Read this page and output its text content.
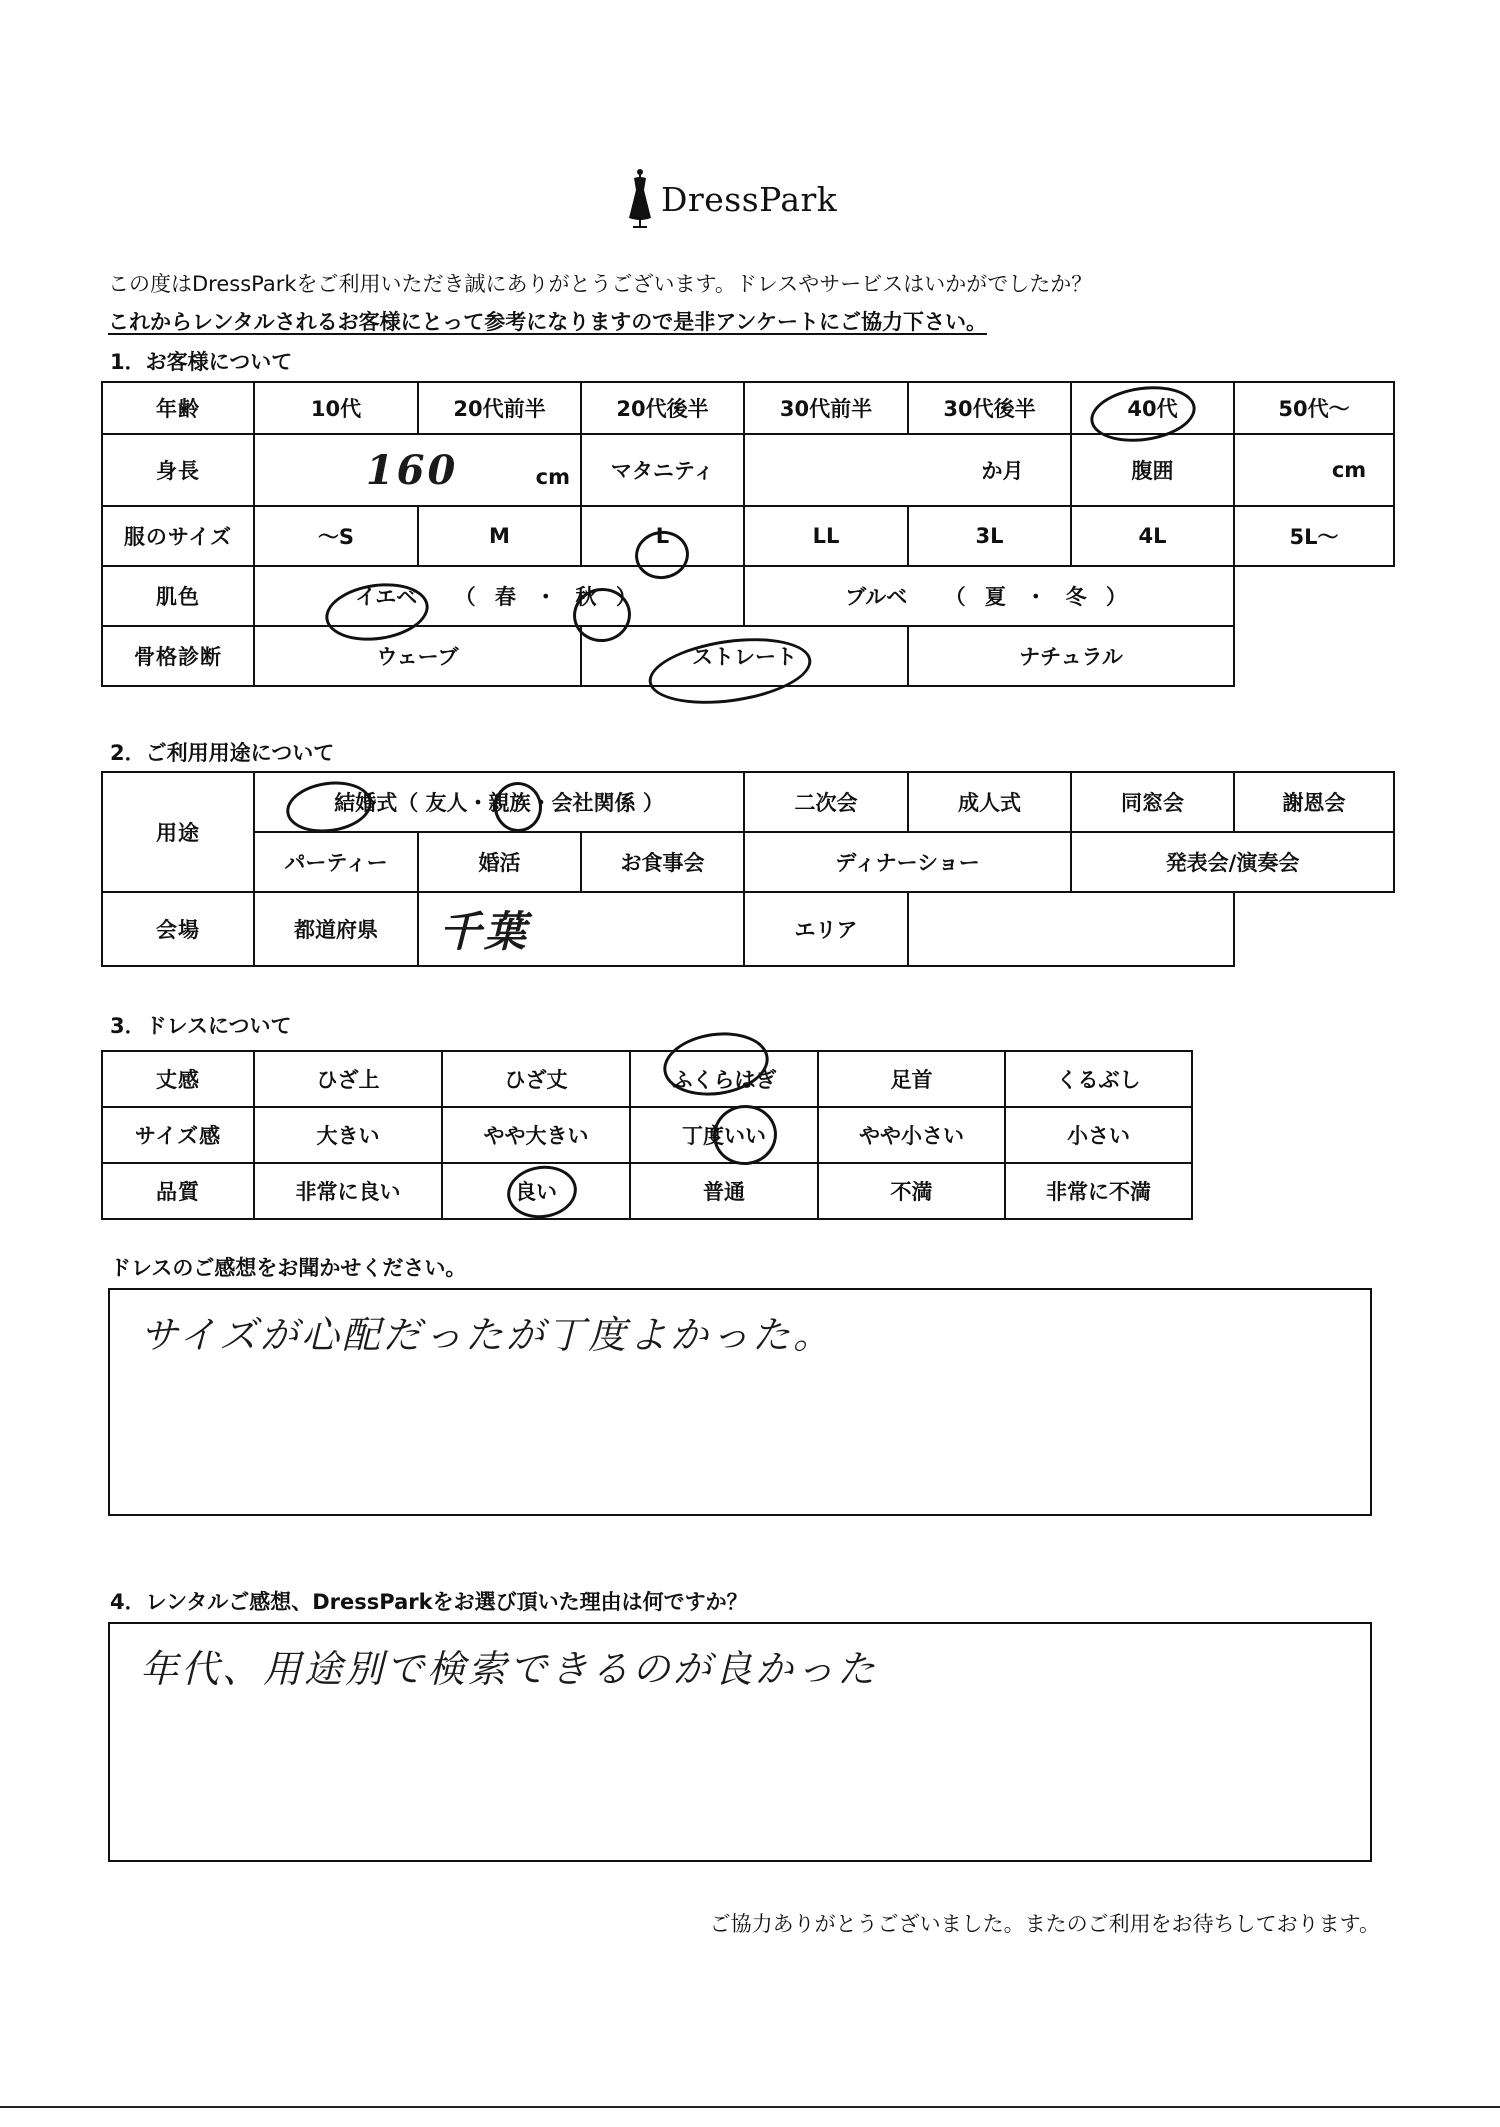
DressPark
この度はDressParkをご利用いただき誠にありがとうございます。ドレスやサービスはいかがでしたか？
これからレンタルされるお客様にとって参考になりますので是非アンケートにご協力下さい。
1．お客様について
年齢	10代	20代前半	20代後半	30代前半	30代後半	40代	50代〜
身長	160 cm		マタニティ	か月		腹囲	cm
服のサイズ	〜S	M	L	LL	3L	4L	5L〜
肌色	イエベ （ 春 ・ 秋 ）			ブルベ （ 夏 ・ 冬 ）			
骨格診断	ウェーブ		ストレート		ナチュラル		
2．ご利用用途について
用途	結婚式（ 友人・親族・会社関係 ）			二次会	成人式	同窓会	謝恩会
	パーティー	婚活	お食事会	ディナーショー		発表会/演奏会	
会場	都道府県	千葉		エリア			
3．ドレスについて
丈感	ひざ上	ひざ丈	ふくらはぎ	足首	くるぶし
サイズ感	大きい	やや大きい	丁度いい	やや小さい	小さい
品質	非常に良い	良い	普通	不満	非常に不満
ドレスのご感想をお聞かせください。
サイズが心配だったが丁度よかった。
4．レンタルご感想、DressParkをお選び頂いた理由は何ですか？
年代、用途別で検索できるのが良かった
ご協力ありがとうございました。またのご利用をお待ちしております。
